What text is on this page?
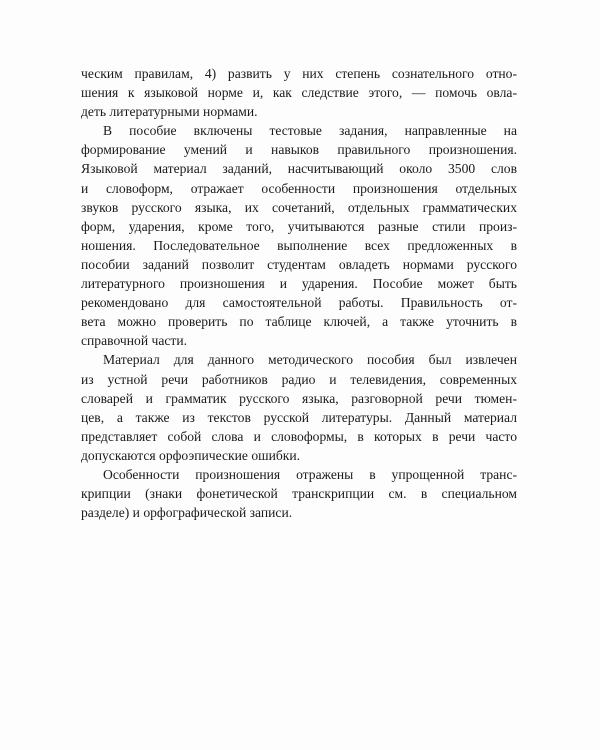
ческим правилам, 4) развить у них степень сознательного отно-
шения к языковой норме и, как следствие этого, — помочь овла-
деть литературными нормами.

В пособие включены тестовые задания, направленные на
формирование умений и навыков правильного произношения.
Языковой материал заданий, насчитывающий около 3500 слов
и словоформ, отражает особенности произношения отдельных
звуков русского языка, их сочетаний, отдельных грамматических
форм, ударения, кроме того, учитываются разные стили произ-
ношения. Последовательное выполнение всех предложенных в
пособии заданий позволит студентам овладеть нормами русского
литературного произношения и ударения. Пособие может быть
рекомендовано для самостоятельной работы. Правильность от-
вета можно проверить по таблице ключей, а также уточнить в
справочной части.

Материал для данного методического пособия был извлечен
из устной речи работников радио и телевидения, современных
словарей и грамматик русского языка, разговорной речи тюмен-
цев, а также из текстов русской литературы. Данный материал
представляет собой слова и словоформы, в которых в речи часто
допускаются орфоэпические ошибки.

Особенности произношения отражены в упрощенной транс-
крипции (знаки фонетической транскрипции см. в специальном
разделе) и орфографической записи.
